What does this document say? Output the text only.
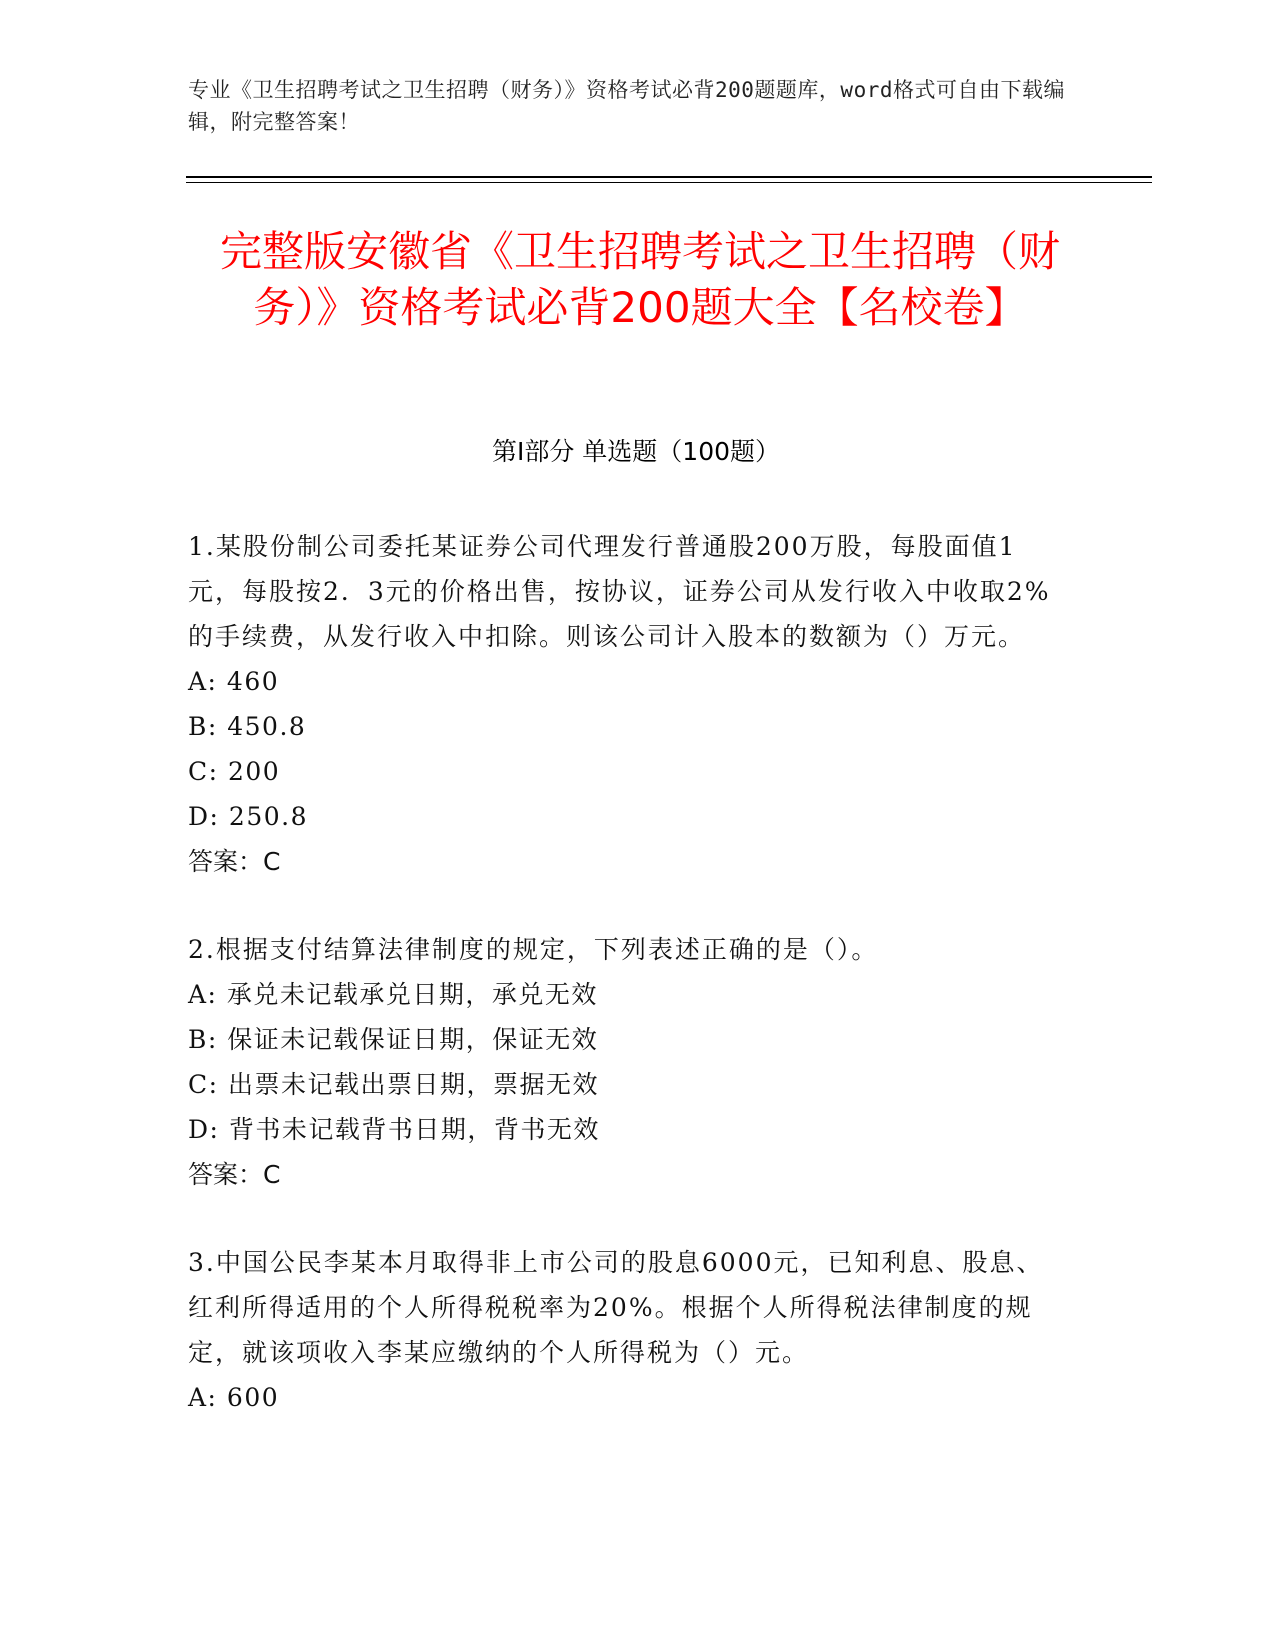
专业《卫生招聘考试之卫生招聘（财务）》资格考试必背200题题库，word格式可自由下载编辑，附完整答案！
完整版安徽省《卫生招聘考试之卫生招聘（财务）》资格考试必背200题大全【名校卷】
第Ⅰ部分 单选题（100题）

1.某股份制公司委托某证券公司代理发行普通股200万股，每股面值1元，每股按2．3元的价格出售，按协议，证券公司从发行收入中收取2%的手续费，从发行收入中扣除。则该公司计入股本的数额为（）万元。

A: 460

B: 450.8

C: 200

D: 250.8

答案：C

2.根据支付结算法律制度的规定，下列表述正确的是（）。

A: 承兑未记载承兑日期，承兑无效

B: 保证未记载保证日期，保证无效

C: 出票未记载出票日期，票据无效

D: 背书未记载背书日期，背书无效

答案：C

3.中国公民李某本月取得非上市公司的股息6000元，已知利息、股息、红利所得适用的个人所得税税率为20%。根据个人所得税法律制度的规定，就该项收入李某应缴纳的个人所得税为（）元。

A: 600
